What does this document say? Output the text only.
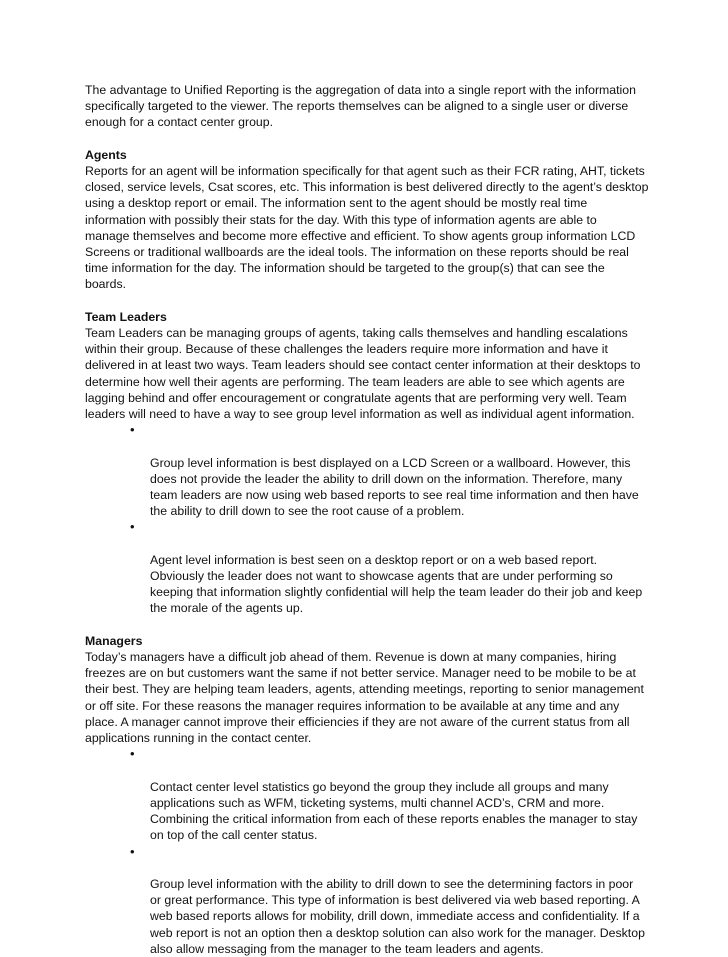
The advantage to Unified Reporting is the aggregation of data into a single report with the information
specifically targeted to the viewer. The reports themselves can be aligned to a single user or diverse
enough for a contact center group.

Agents

Reports for an agent will be information specifically for that agent such as their FCR rating, AHT, tickets
closed, service levels, Csat scores, etc. This information is best delivered directly to the agent’s desktop
using a desktop report or email. The information sent to the agent should be mostly real time
information with possibly their stats for the day. With this type of information agents are able to
manage themselves and become more effective and efficient. To show agents group information LCD
Screens or traditional wallboards are the ideal tools. The information on these reports should be real
time information for the day. The information should be targeted to the group(s) that can see the
boards.

Team Leaders

Team Leaders can be managing groups of agents, taking calls themselves and handling escalations
within their group. Because of these challenges the leaders require more information and have it
delivered in at least two ways. Team leaders should see contact center information at their desktops to
determine how well their agents are performing. The team leaders are able to see which agents are
lagging behind and offer encouragement or congratulate agents that are performing very well. Team
leaders will need to have a way to see group level information as well as individual agent information.

•

Group level information is best displayed on a LCD Screen or a wallboard. However, this
does not provide the leader the ability to drill down on the information. Therefore, many
team leaders are now using web based reports to see real time information and then have
the ability to drill down to see the root cause of a problem.

•

Agent level information is best seen on a desktop report or on a web based report.
Obviously the leader does not want to showcase agents that are under performing so
keeping that information slightly confidential will help the team leader do their job and keep
the morale of the agents up.

Managers

Today’s managers have a difficult job ahead of them. Revenue is down at many companies, hiring
freezes are on but customers want the same if not better service. Manager need to be mobile to be at
their best. They are helping team leaders, agents, attending meetings, reporting to senior management
or off site. For these reasons the manager requires information to be available at any time and any
place. A manager cannot improve their efficiencies if they are not aware of the current status from all
applications running in the contact center.

•

Contact center level statistics go beyond the group they include all groups and many
applications such as WFM, ticketing systems, multi channel ACD’s, CRM and more.
Combining the critical information from each of these reports enables the manager to stay
on top of the call center status.

•

Group level information with the ability to drill down to see the determining factors in poor
or great performance. This type of information is best delivered via web based reporting. A
web based reports allows for mobility, drill down, immediate access and confidentiality. If a
web report is not an option then a desktop solution can also work for the manager. Desktop
also allow messaging from the manager to the team leaders and agents.
